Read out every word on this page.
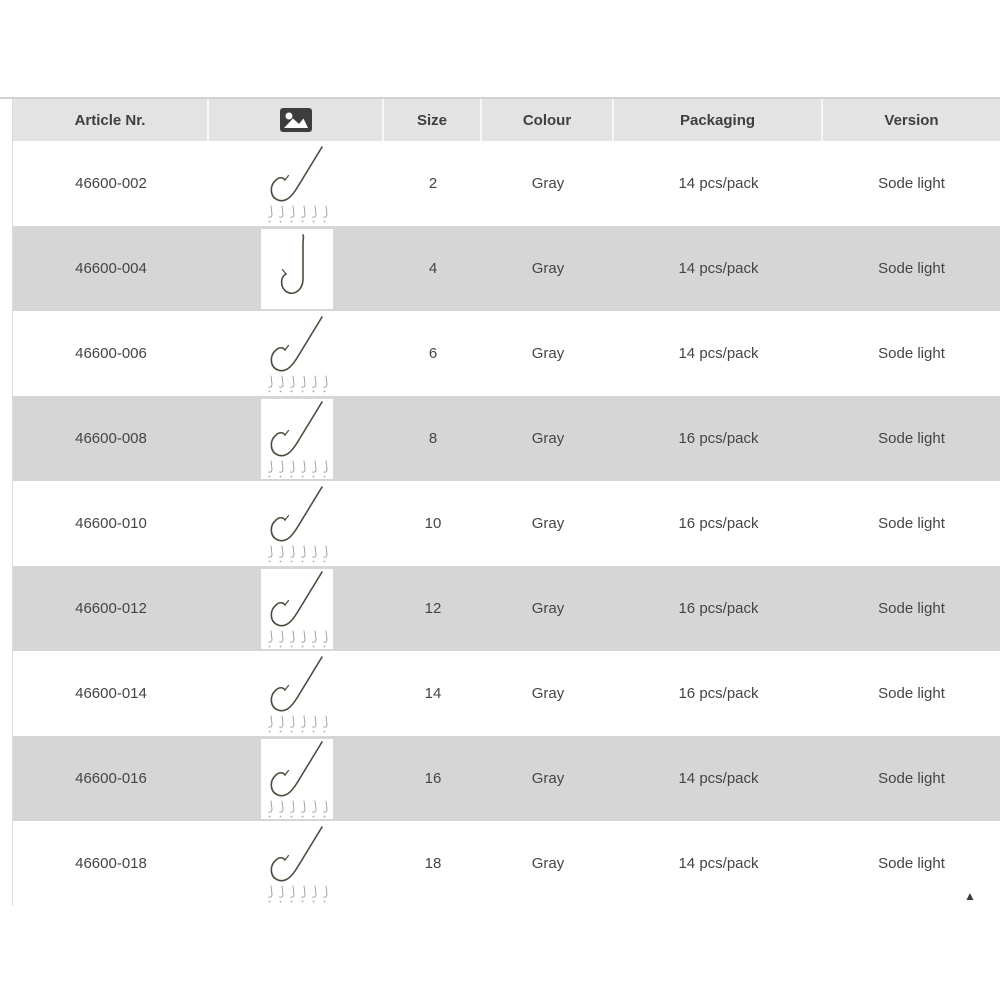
Article Nr.	Size	Colour	Packaging	Version
46600-002	2	Gray	14 pcs/pack	Sode light
46600-004	4	Gray	14 pcs/pack	Sode light
46600-006	6	Gray	14 pcs/pack	Sode light
46600-008	8	Gray	16 pcs/pack	Sode light
46600-010	10	Gray	16 pcs/pack	Sode light
46600-012	12	Gray	16 pcs/pack	Sode light
46600-014	14	Gray	16 pcs/pack	Sode light
46600-016	16	Gray	14 pcs/pack	Sode light
46600-018	18	Gray	14 pcs/pack	Sode light
▲
